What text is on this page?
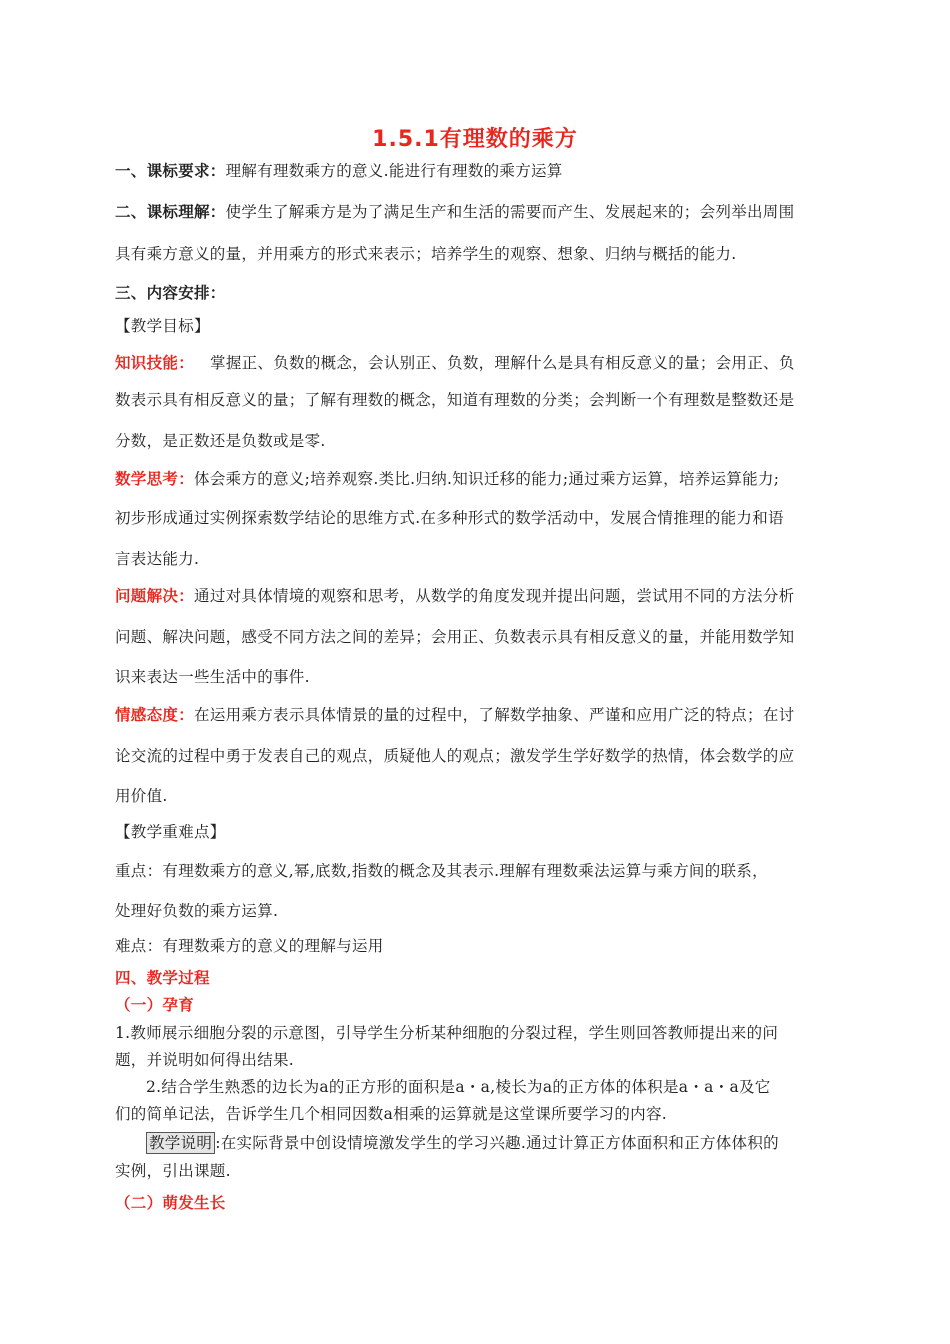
1.5.1有理数的乘方
一、课标要求：理解有理数乘方的意义.能进行有理数的乘方运算
二、课标理解：使学生了解乘方是为了满足生产和生活的需要而产生、发展起来的；会列举出周围
具有乘方意义的量，并用乘方的形式来表示；培养学生的观察、想象、归纳与概括的能力.
三、内容安排：
【教学目标】
知识技能： 掌握正、负数的概念，会认别正、负数，理解什么是具有相反意义的量；会用正、负
数表示具有相反意义的量；了解有理数的概念，知道有理数的分类；会判断一个有理数是整数还是
分数，是正数还是负数或是零.
数学思考：体会乘方的意义;培养观察.类比.归纳.知识迁移的能力;通过乘方运算，培养运算能力;
初步形成通过实例探索数学结论的思维方式.在多种形式的数学活动中，发展合情推理的能力和语
言表达能力.
问题解决：通过对具体情境的观察和思考，从数学的角度发现并提出问题，尝试用不同的方法分析
问题、解决问题，感受不同方法之间的差异；会用正、负数表示具有相反意义的量，并能用数学知
识来表达一些生活中的事件.
情感态度：在运用乘方表示具体情景的量的过程中，了解数学抽象、严谨和应用广泛的特点；在讨
论交流的过程中勇于发表自己的观点，质疑他人的观点；激发学生学好数学的热情，体会数学的应
用价值.
【教学重难点】
重点：有理数乘方的意义,幂,底数,指数的概念及其表示.理解有理数乘法运算与乘方间的联系，
处理好负数的乘方运算.
难点：有理数乘方的意义的理解与运用
四、教学过程
（一）孕育
1.教师展示细胞分裂的示意图，引导学生分析某种细胞的分裂过程，学生则回答教师提出来的问
题，并说明如何得出结果.
2.结合学生熟悉的边长为a的正方形的面积是a・a,棱长为a的正方体的体积是a・a・a及它
们的简单记法，告诉学生几个相同因数a相乘的运算就是这堂课所要学习的内容.
教学说明 :在实际背景中创设情境激发学生的学习兴趣.通过计算正方体面积和正方体体积的
实例，引出课题.
（二）萌发生长
